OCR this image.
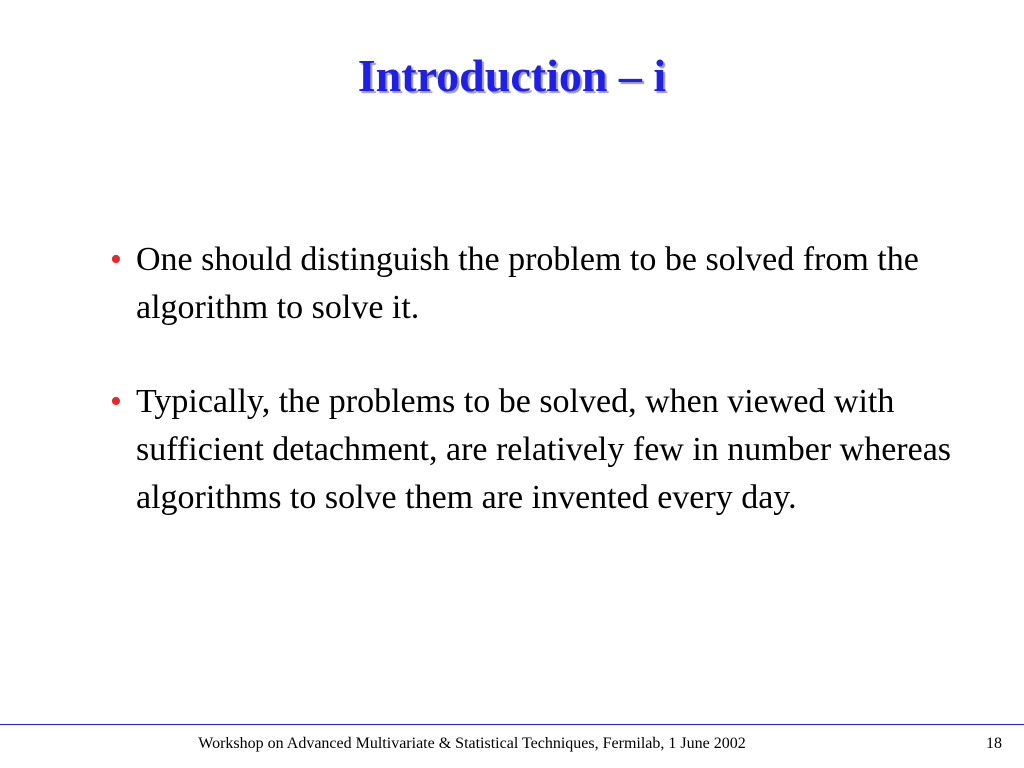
Introduction – i
• One should distinguish the problem to be solved from the algorithm to solve it.
• Typically, the problems to be solved, when viewed with sufficient detachment, are relatively few in number whereas algorithms to solve them are invented every day.
Workshop on Advanced Multivariate & Statistical Techniques, Fermilab, 1 June 2002	18
